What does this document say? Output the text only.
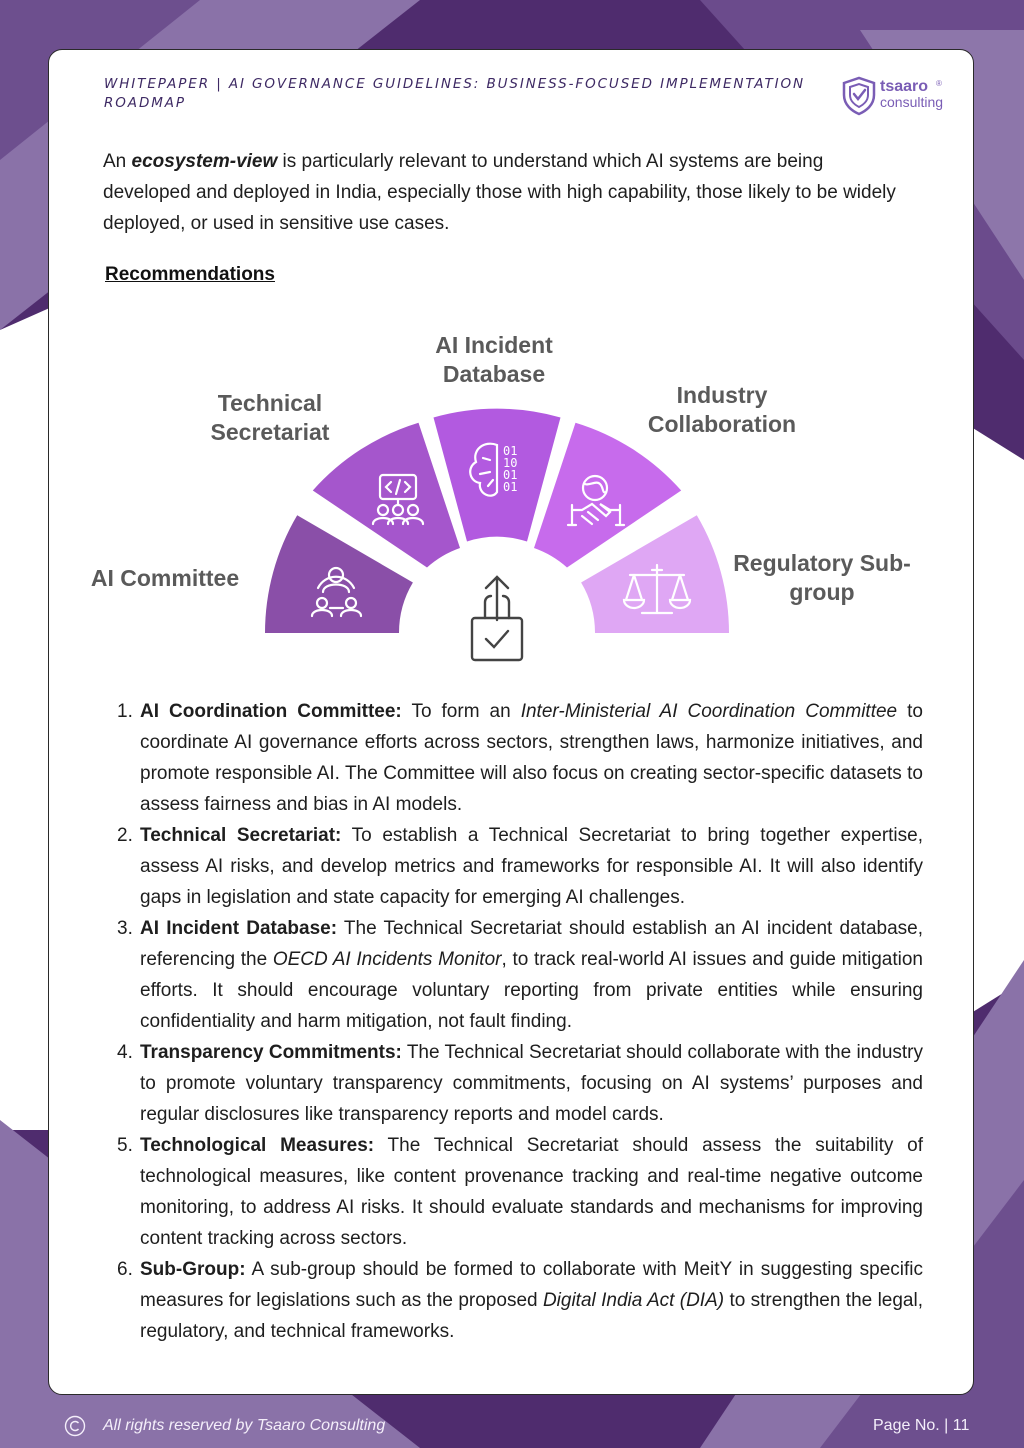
WHITEPAPER | AI GOVERNANCE GUIDELINES: BUSINESS-FOCUSED IMPLEMENTATION ROADMAP
tsaaro
consulting
®
An ecosystem-view is particularly relevant to understand which AI systems are being developed and deployed in India, especially those with high capability, those likely to be widely deployed, or used in sensitive use cases.
Recommendations
01
10
01
01
AI Committee
Technical
Secretariat
AI Incident
Database
Industry
Collaboration
Regulatory Sub-
group
1. AI Coordination Committee: To form an Inter-Ministerial AI Coordination Committee to coordinate AI governance efforts across sectors, strengthen laws, harmonize initiatives, and promote responsible AI. The Committee will also focus on creating sector-specific datasets to assess fairness and bias in AI models.
2. Technical Secretariat: To establish a Technical Secretariat to bring together expertise, assess AI risks, and develop metrics and frameworks for responsible AI. It will also identify gaps in legislation and state capacity for emerging AI challenges.
3. AI Incident Database: The Technical Secretariat should establish an AI incident database, referencing the OECD AI Incidents Monitor, to track real-world AI issues and guide mitigation efforts. It should encourage voluntary reporting from private entities while ensuring confidentiality and harm mitigation, not fault finding.
4. Transparency Commitments: The Technical Secretariat should collaborate with the industry to promote voluntary transparency commitments, focusing on AI systems’ purposes and regular disclosures like transparency reports and model cards.
5. Technological Measures: The Technical Secretariat should assess the suitability of technological measures, like content provenance tracking and real-time negative outcome monitoring, to address AI risks. It should evaluate standards and mechanisms for improving content tracking across sectors.
6. Sub-Group: A sub-group should be formed to collaborate with MeitY in suggesting specific measures for legislations such as the proposed Digital India Act (DIA) to strengthen the legal, regulatory, and technical frameworks.
All rights reserved by Tsaaro Consulting	Page No. | 11
